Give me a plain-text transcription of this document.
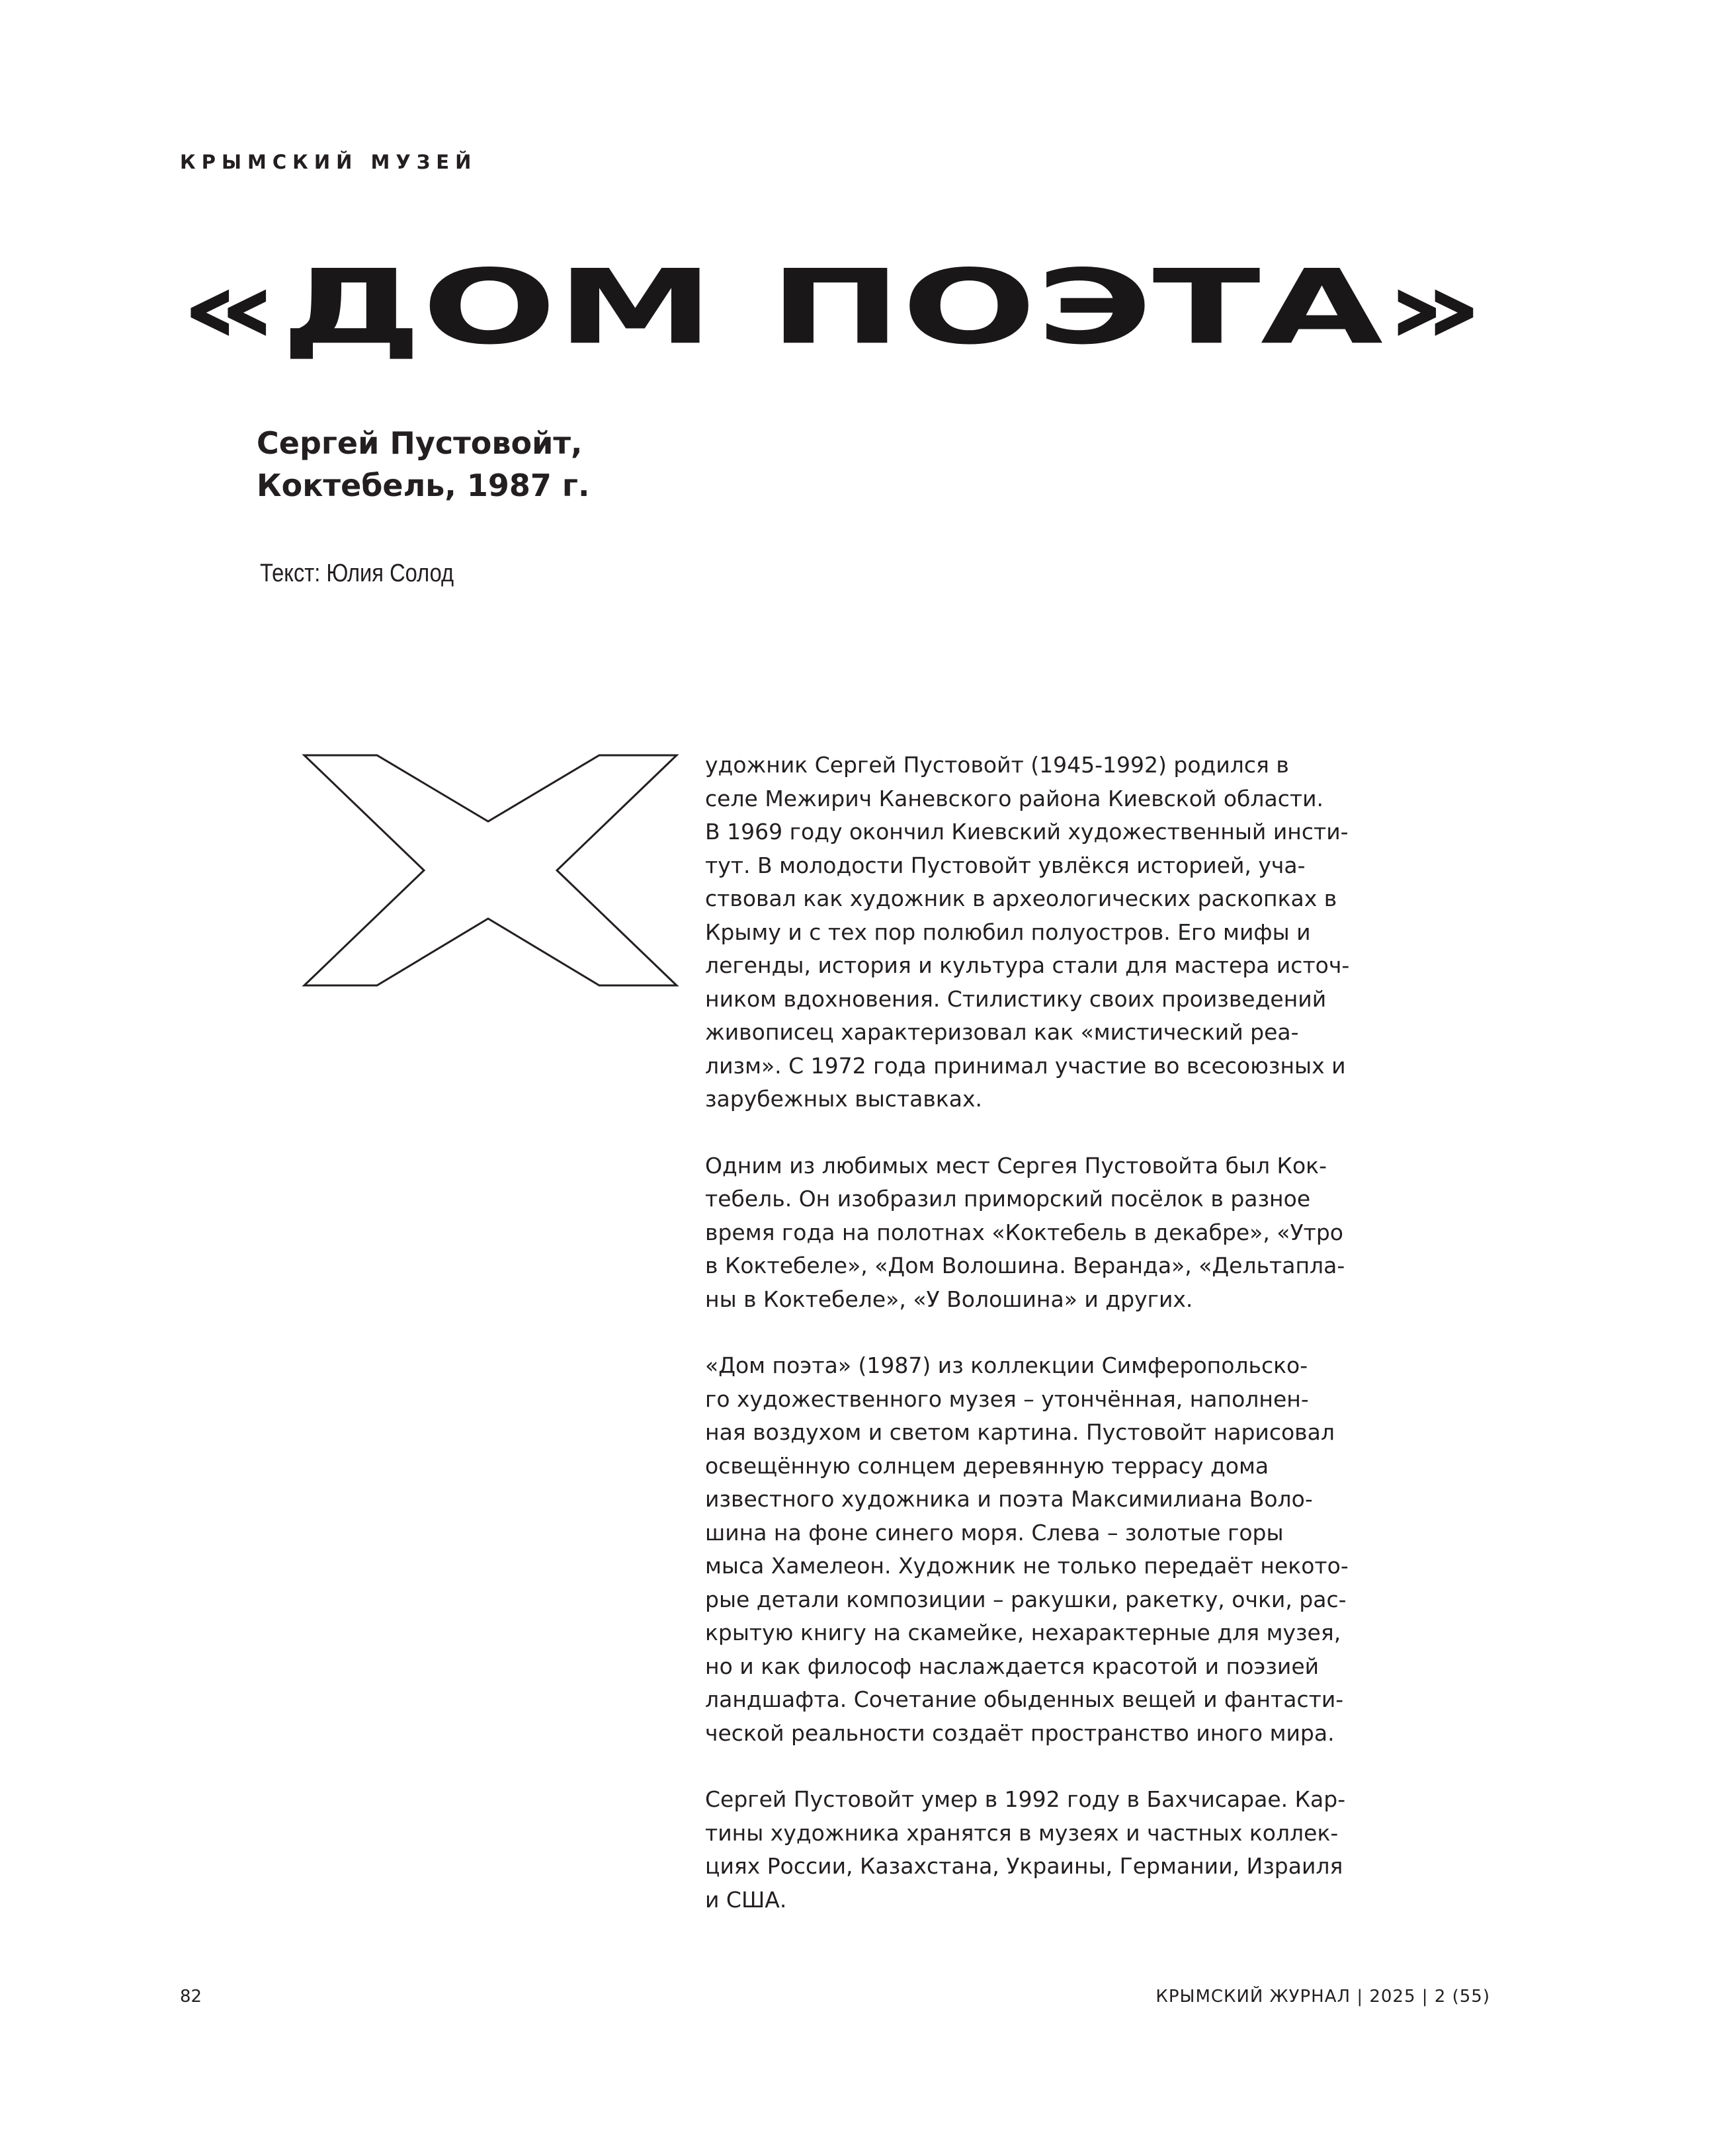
КРЫМСКИЙ МУЗЕЙ
«ДОМ ПОЭТА»
Сергей Пустовойт,
Коктебель, 1987 г.
Текст: Юлия Солод
удожник Сергей Пустовойт (1945-1992) родился в
селе Межирич Каневского района Киевской области.
В 1969 году окончил Киевский художественный инсти-
тут. В молодости Пустовойт увлёкся историей, уча-
ствовал как художник в археологических раскопках в
Крыму и с тех пор полюбил полуостров. Его мифы и
легенды, история и культура стали для мастера источ-
ником вдохновения. Стилистику своих произведений
живописец характеризовал как «мистический реа-
лизм». С 1972 года принимал участие во всесоюзных и
зарубежных выставках.
Одним из любимых мест Сергея Пустовойта был Кок-
тебель. Он изобразил приморский посёлок в разное
время года на полотнах «Коктебель в декабре», «Утро
в Коктебеле», «Дом Волошина. Веранда», «Дельтапла-
ны в Коктебеле», «У Волошина» и других.
«Дом поэта» (1987) из коллекции Симферопольско-
го художественного музея – утончённая, наполнен-
ная воздухом и светом картина. Пустовойт нарисовал
освещённую солнцем деревянную террасу дома
известного художника и поэта Максимилиана Воло-
шина на фоне синего моря. Слева – золотые горы
мыса Хамелеон. Художник не только передаёт некото-
рые детали композиции – ракушки, ракетку, очки, рас-
крытую книгу на скамейке, нехарактерные для музея,
но и как философ наслаждается красотой и поэзией
ландшафта. Сочетание обыденных вещей и фантасти-
ческой реальности создаёт пространство иного мира.
Сергей Пустовойт умер в 1992 году в Бахчисарае. Кар-
тины художника хранятся в музеях и частных коллек-
циях России, Казахстана, Украины, Германии, Израиля
и США.
82	КРЫМСКИЙ ЖУРНАЛ | 2025 | 2 (55)
